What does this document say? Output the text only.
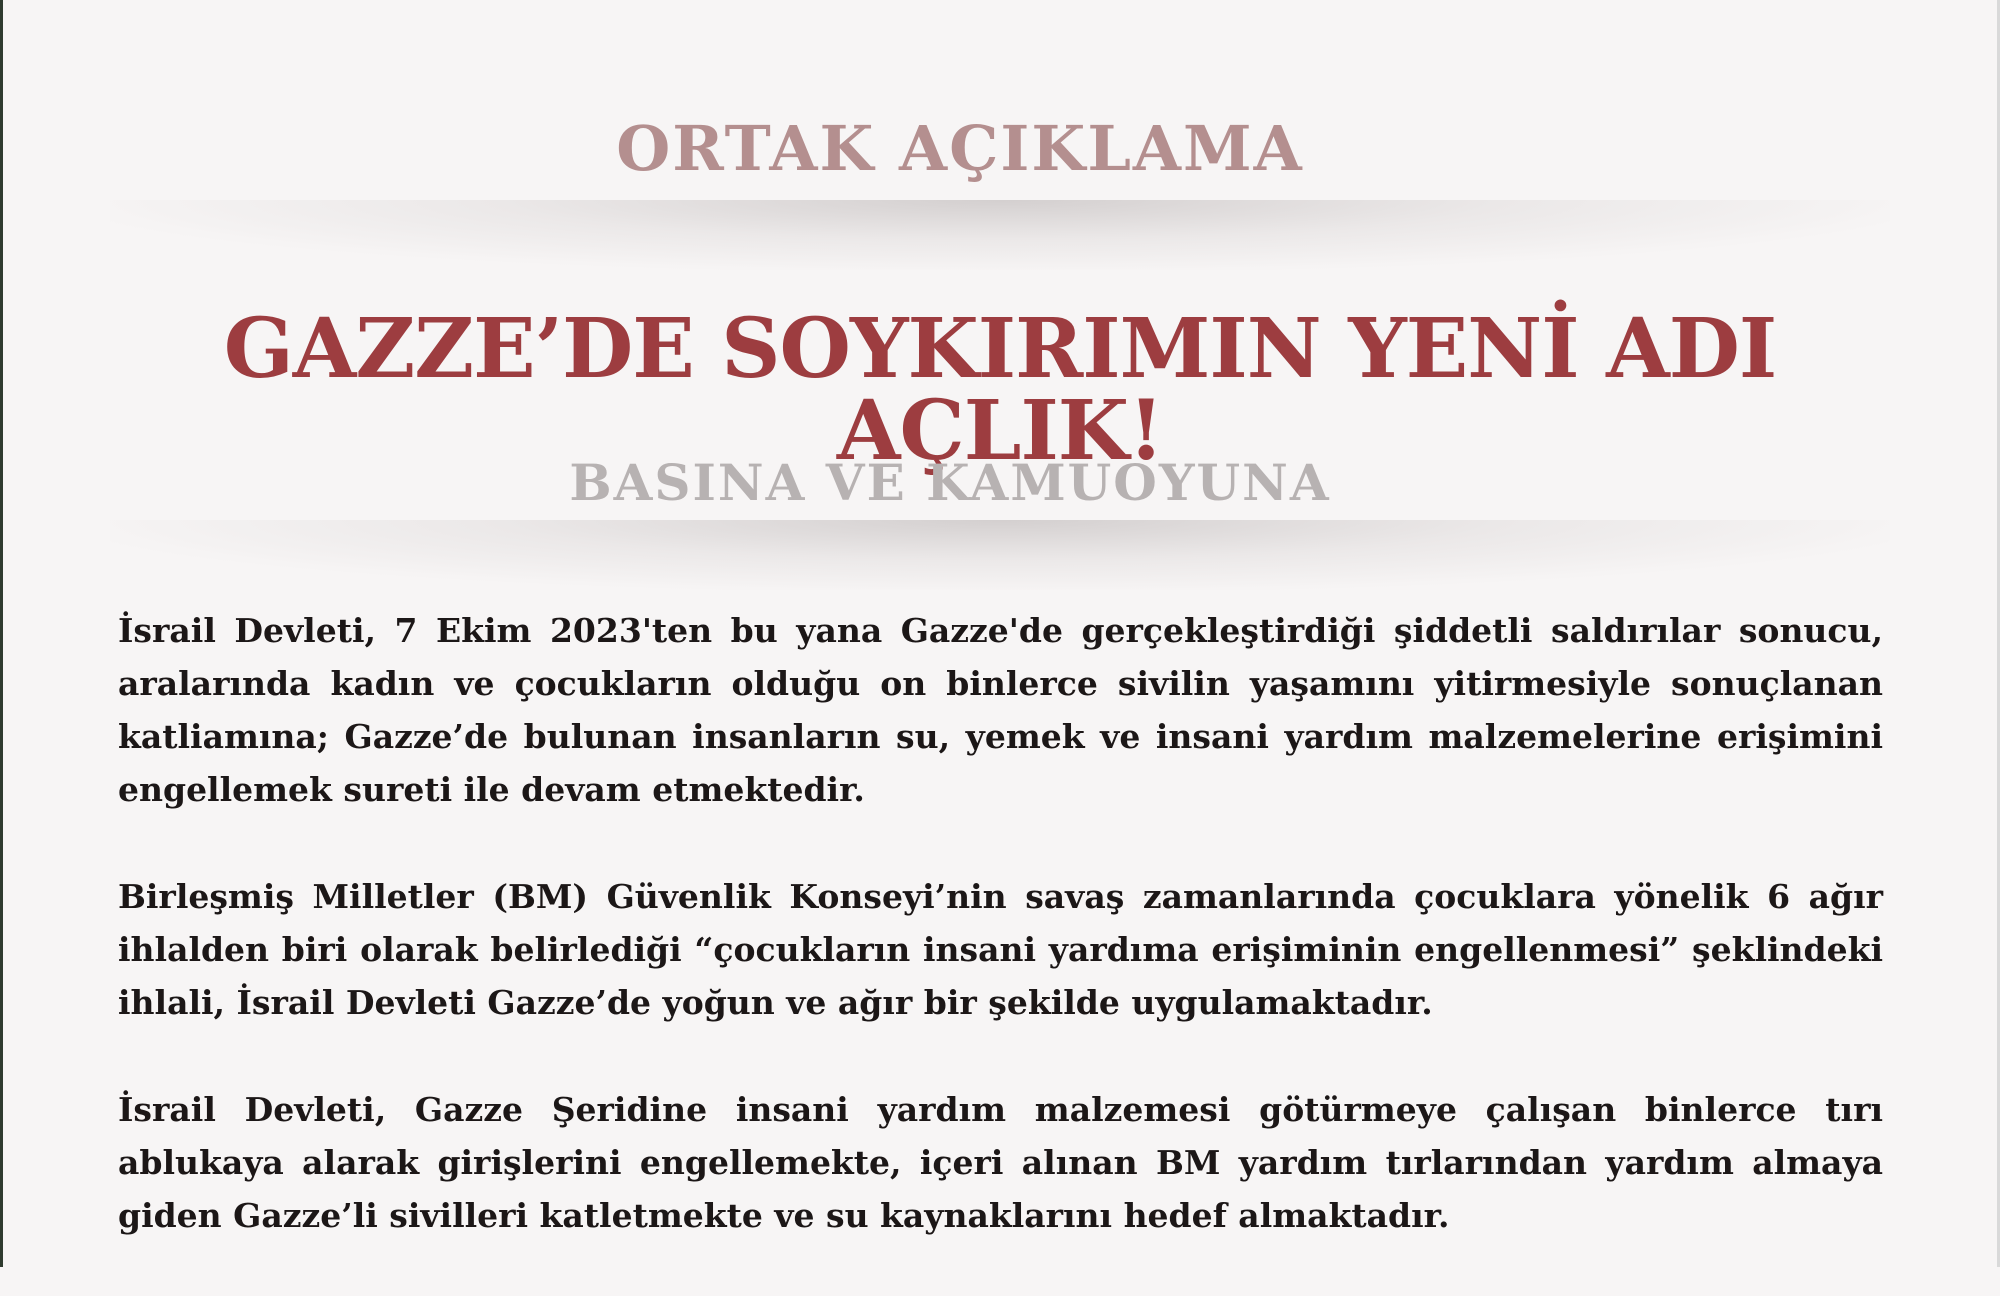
ORTAK AÇIKLAMA
GAZZE’DE SOYKIRIMIN YENİ ADI AÇLIK!
BASINA VE KAMUOYUNA

İsrail Devleti, 7 Ekim 2023'ten bu yana Gazze'de gerçekleştirdiği şiddetli saldırılar sonucu, aralarında kadın ve çocukların olduğu on binlerce sivilin yaşamını yitirmesiyle sonuçlanan katliamına; Gazze’de bulunan insanların su, yemek ve insani yardım malzemelerine erişimini engellemek sureti ile devam etmektedir.

Birleşmiş Milletler (BM) Güvenlik Konseyi’nin savaş zamanlarında çocuklara yönelik 6 ağır ihlalden biri olarak belirlediği “çocukların insani yardıma erişiminin engellenmesi” şeklindeki ihlali, İsrail Devleti Gazze’de yoğun ve ağır bir şekilde uygulamaktadır.

İsrail Devleti, Gazze Şeridine insani yardım malzemesi götürmeye çalışan binlerce tırı ablukaya alarak girişlerini engellemekte, içeri alınan BM yardım tırlarından yardım almaya giden Gazze’li sivilleri katletmekte ve su kaynaklarını hedef almaktadır.
